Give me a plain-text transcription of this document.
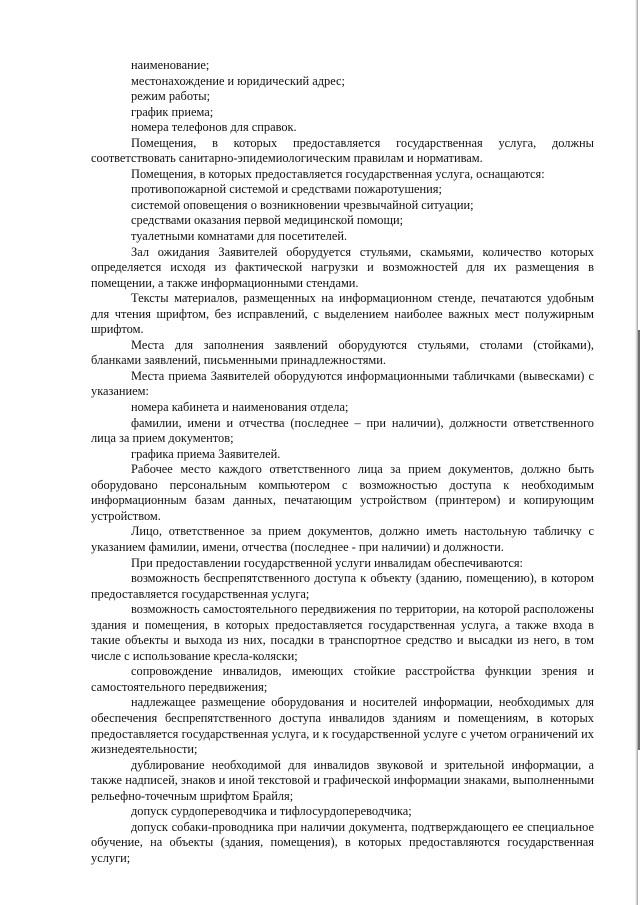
наименование;

местонахождение и юридический адрес;

режим работы;

график приема;

номера телефонов для справок.

Помещения, в которых предоставляется государственная услуга, должны соответствовать санитарно-эпидемиологическим правилам и нормативам.

Помещения, в которых предоставляется государственная услуга, оснащаются:

противопожарной системой и средствами пожаротушения;

системой оповещения о возникновении чрезвычайной ситуации;

средствами оказания первой медицинской помощи;

туалетными комнатами для посетителей.

Зал ожидания Заявителей оборудуется стульями, скамьями, количество которых определяется исходя из фактической нагрузки и возможностей для их размещения в помещении, а также информационными стендами.

Тексты материалов, размещенных на информационном стенде, печатаются удобным для чтения шрифтом, без исправлений, с выделением наиболее важных мест полужирным шрифтом.

Места для заполнения заявлений оборудуются стульями, столами (стойками), бланками заявлений, письменными принадлежностями.

Места приема Заявителей оборудуются информационными табличками (вывесками) с указанием:

номера кабинета и наименования отдела;

фамилии, имени и отчества (последнее – при наличии), должности ответственного лица за прием документов;

графика приема Заявителей.

Рабочее место каждого ответственного лица за прием документов, должно быть оборудовано персональным компьютером с возможностью доступа к необходимым информационным базам данных, печатающим устройством (принтером) и копирующим устройством.

Лицо, ответственное за прием документов, должно иметь настольную табличку с указанием фамилии, имени, отчества (последнее - при наличии) и должности.

При предоставлении государственной услуги инвалидам обеспечиваются:

возможность беспрепятственного доступа к объекту (зданию, помещению), в котором предоставляется государственная услуга;

возможность самостоятельного передвижения по территории, на которой расположены здания и помещения, в которых предоставляется государственная услуга, а также входа в такие объекты и выхода из них, посадки в транспортное средство и высадки из него, в том числе с использование кресла-коляски;

сопровождение инвалидов, имеющих стойкие расстройства функции зрения и самостоятельного передвижения;

надлежащее размещение оборудования и носителей информации, необходимых для обеспечения беспрепятственного доступа инвалидов зданиям и помещениям, в которых предоставляется государственная услуга, и к государственной услуге с учетом ограничений их жизнедеятельности;

дублирование необходимой для инвалидов звуковой и зрительной информации, а также надписей, знаков и иной текстовой и графической информации знаками, выполненными рельефно-точечным шрифтом Брайля;

допуск сурдопереводчика и тифлосурдопереводчика;

допуск собаки-проводника при наличии документа, подтверждающего ее специальное обучение, на объекты (здания, помещения), в которых предоставляются государственная услуги;
